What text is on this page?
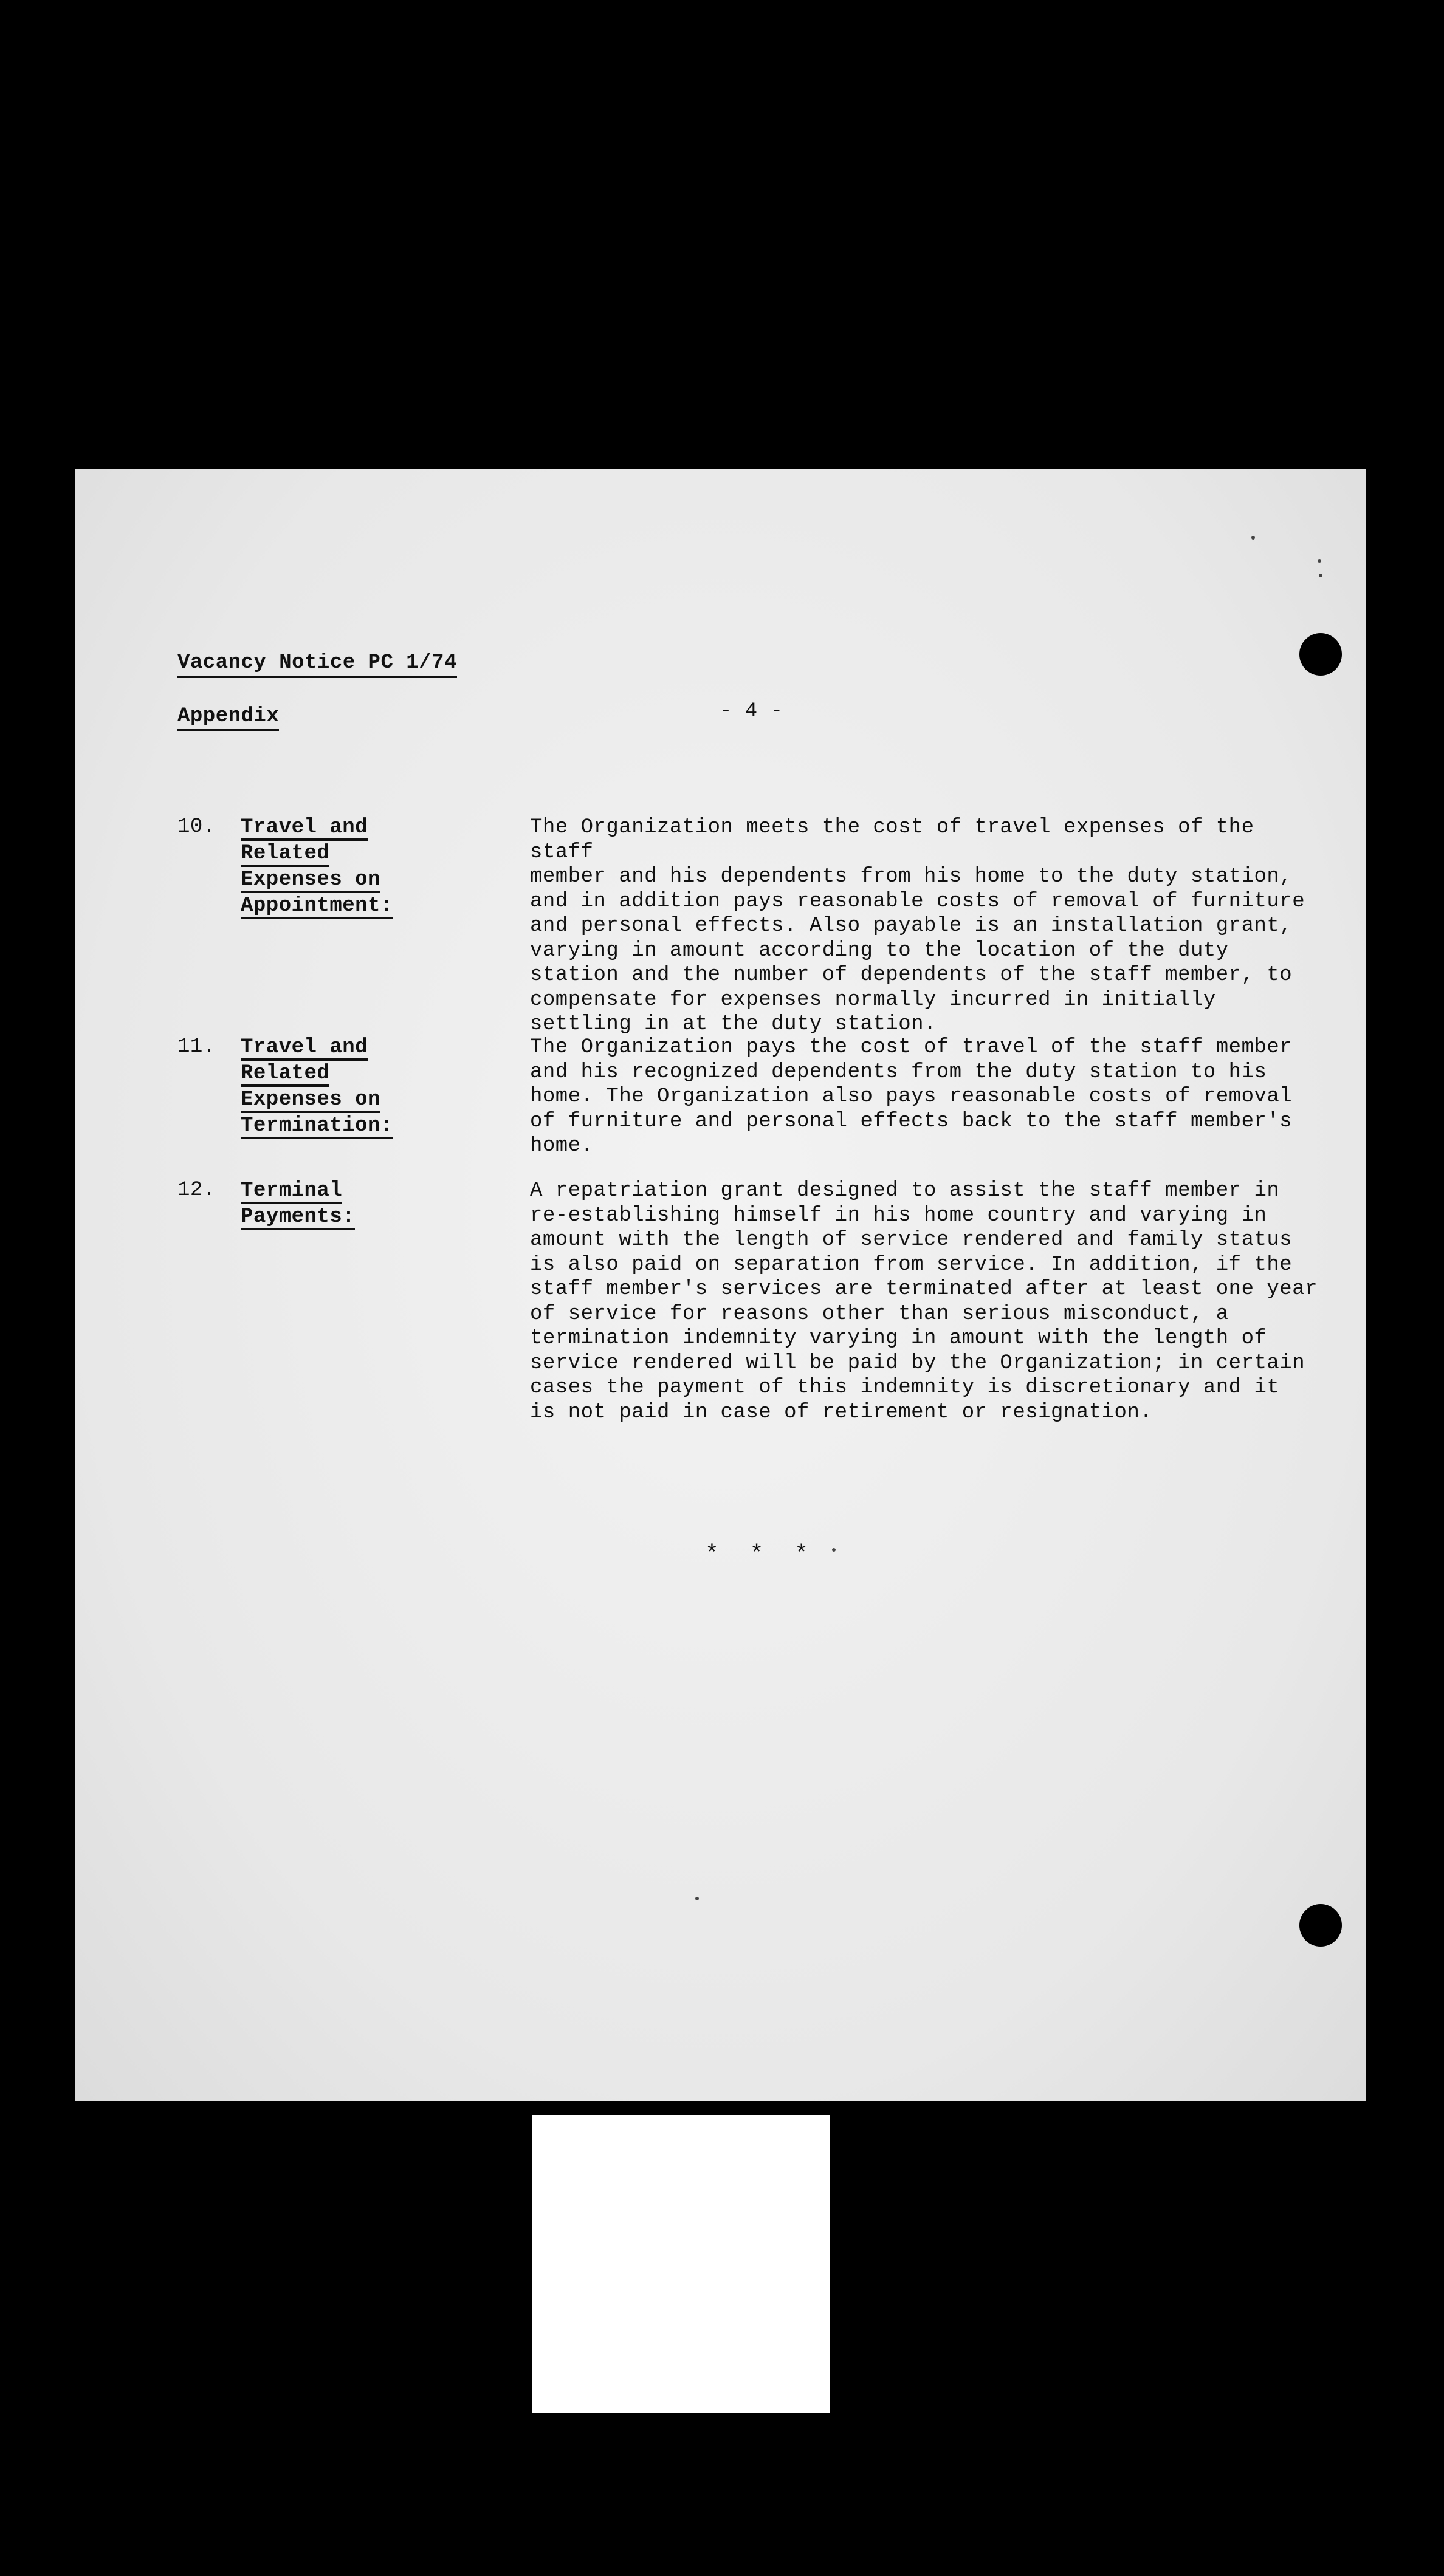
Vacancy Notice PC 1/74
Appendix	- 4 -
10. Travel and
Related
Expenses on
Appointment:
The Organization meets the cost of travel expenses of the staff
member and his dependents from his home to the duty station,
and in addition pays reasonable costs of removal of furniture
and personal effects. Also payable is an installation grant,
varying in amount according to the location of the duty
station and the number of dependents of the staff member, to
compensate for expenses normally incurred in initially
settling in at the duty station.
11. Travel and
Related
Expenses on
Termination:
The Organization pays the cost of travel of the staff member
and his recognized dependents from the duty station to his
home. The Organization also pays reasonable costs of removal
of furniture and personal effects back to the staff member's
home.
12. Terminal
Payments:
A repatriation grant designed to assist the staff member in
re-establishing himself in his home country and varying in
amount with the length of service rendered and family status
is also paid on separation from service. In addition, if the
staff member's services are terminated after at least one year
of service for reasons other than serious misconduct, a
termination indemnity varying in amount with the length of
service rendered will be paid by the Organization; in certain
cases the payment of this indemnity is discretionary and it
is not paid in case of retirement or resignation.
* * *
